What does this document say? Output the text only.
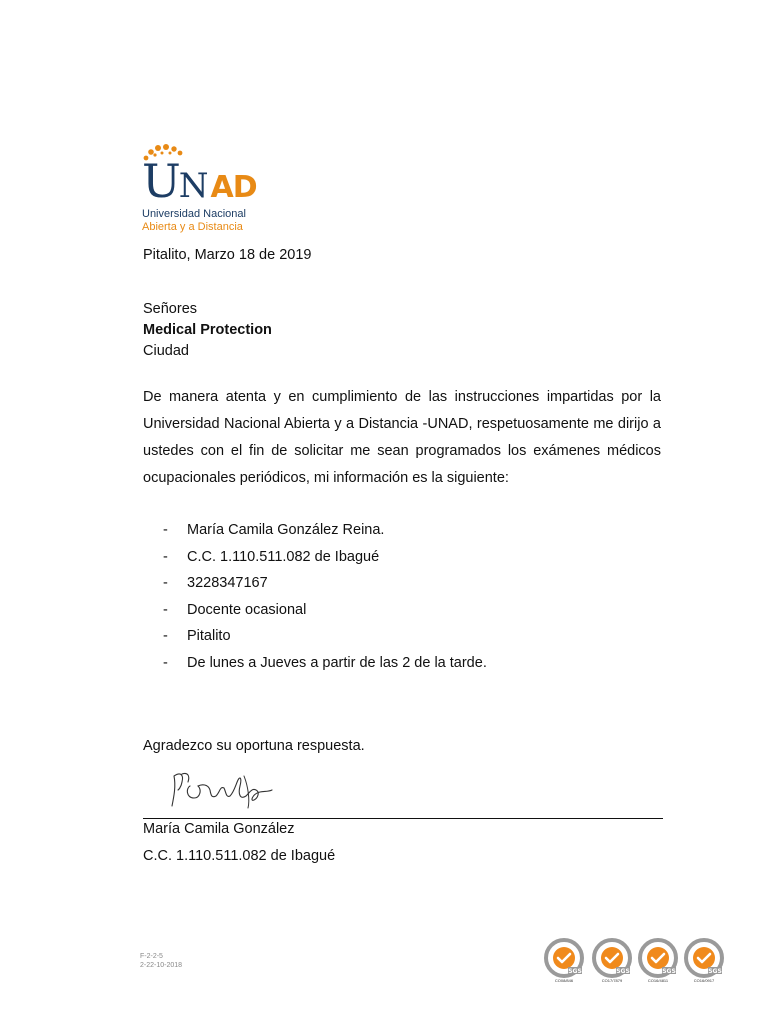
UNAD
Universidad Nacional
Abierta y a Distancia
Pitalito, Marzo 18 de 2019
Señores
Medical Protection
Ciudad
De manera atenta y en cumplimiento de las instrucciones impartidas por la Universidad Nacional Abierta y a Distancia -UNAD, respetuosamente me dirijo a ustedes con el fin de solicitar me sean programados los exámenes médicos ocupacionales periódicos, mi información es la siguiente:
- María Camila González Reina.
- C.C. 1.110.511.082 de Ibagué
- 3228347167
- Docente ocasional
- Pitalito
- De lunes a Jueves a partir de las 2 de la tarde.
Agradezco su oportuna respuesta.
María Camila González
C.C. 1.110.511.082 de Ibagué
F-2-2-5
2-22-10-2018
SGS
CO08/846
SGS
CO17/7879
SGS
CO16/4811
SGS
CO16/0917
